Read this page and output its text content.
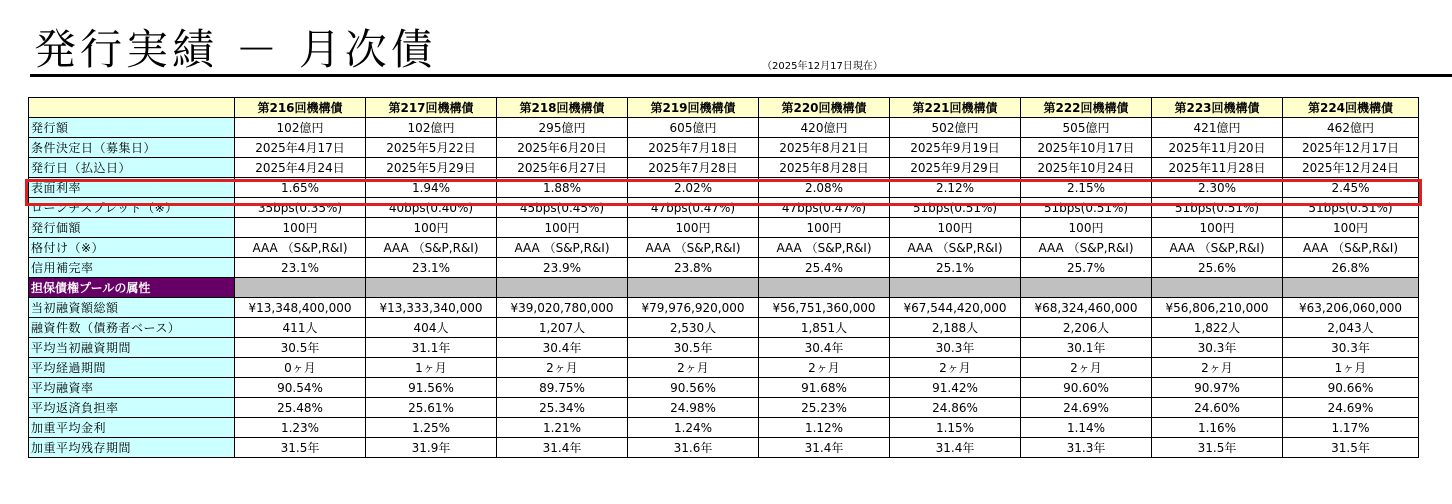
発行実績 － 月次債	（2025年12月17日現在）
	第216回機構債	第217回機構債	第218回機構債	第219回機構債	第220回機構債	第221回機構債	第222回機構債	第223回機構債	第224回機構債
発行額	102億円	102億円	295億円	605億円	420億円	502億円	505億円	421億円	462億円
条件決定日（募集日）	2025年4月17日	2025年5月22日	2025年6月20日	2025年7月18日	2025年8月21日	2025年9月19日	2025年10月17日	2025年11月20日	2025年12月17日
発行日（払込日）	2025年4月24日	2025年5月29日	2025年6月27日	2025年7月28日	2025年8月28日	2025年9月29日	2025年10月24日	2025年11月28日	2025年12月24日
表面利率	1.65%	1.94%	1.88%	2.02%	2.08%	2.12%	2.15%	2.30%	2.45%
ローンチスプレッド（※）	35bps(0.35%)	40bps(0.40%)	45bps(0.45%)	47bps(0.47%)	47bps(0.47%)	51bps(0.51%)	51bps(0.51%)	51bps(0.51%)	51bps(0.51%)
発行価額	100円	100円	100円	100円	100円	100円	100円	100円	100円
格付け（※）	AAA （S&P,R&I)	AAA （S&P,R&I)	AAA （S&P,R&I)	AAA （S&P,R&I)	AAA （S&P,R&I)	AAA （S&P,R&I)	AAA （S&P,R&I)	AAA （S&P,R&I)	AAA （S&P,R&I)
信用補完率	23.1%	23.1%	23.9%	23.8%	25.4%	25.1%	25.7%	25.6%	26.8%
担保債権プールの属性									
当初融資額総額	¥13,348,400,000	¥13,333,340,000	¥39,020,780,000	¥79,976,920,000	¥56,751,360,000	¥67,544,420,000	¥68,324,460,000	¥56,806,210,000	¥63,206,060,000
融資件数（債務者ベース）	411人	404人	1,207人	2,530人	1,851人	2,188人	2,206人	1,822人	2,043人
平均当初融資期間	30.5年	31.1年	30.4年	30.5年	30.4年	30.3年	30.1年	30.3年	30.3年
平均経過期間	0ヶ月	1ヶ月	2ヶ月	2ヶ月	2ヶ月	2ヶ月	2ヶ月	2ヶ月	1ヶ月
平均融資率	90.54%	91.56%	89.75%	90.56%	91.68%	91.42%	90.60%	90.97%	90.66%
平均返済負担率	25.48%	25.61%	25.34%	24.98%	25.23%	24.86%	24.69%	24.60%	24.69%
加重平均金利	1.23%	1.25%	1.21%	1.24%	1.12%	1.15%	1.14%	1.16%	1.17%
加重平均残存期間	31.5年	31.9年	31.4年	31.6年	31.4年	31.4年	31.3年	31.5年	31.5年
